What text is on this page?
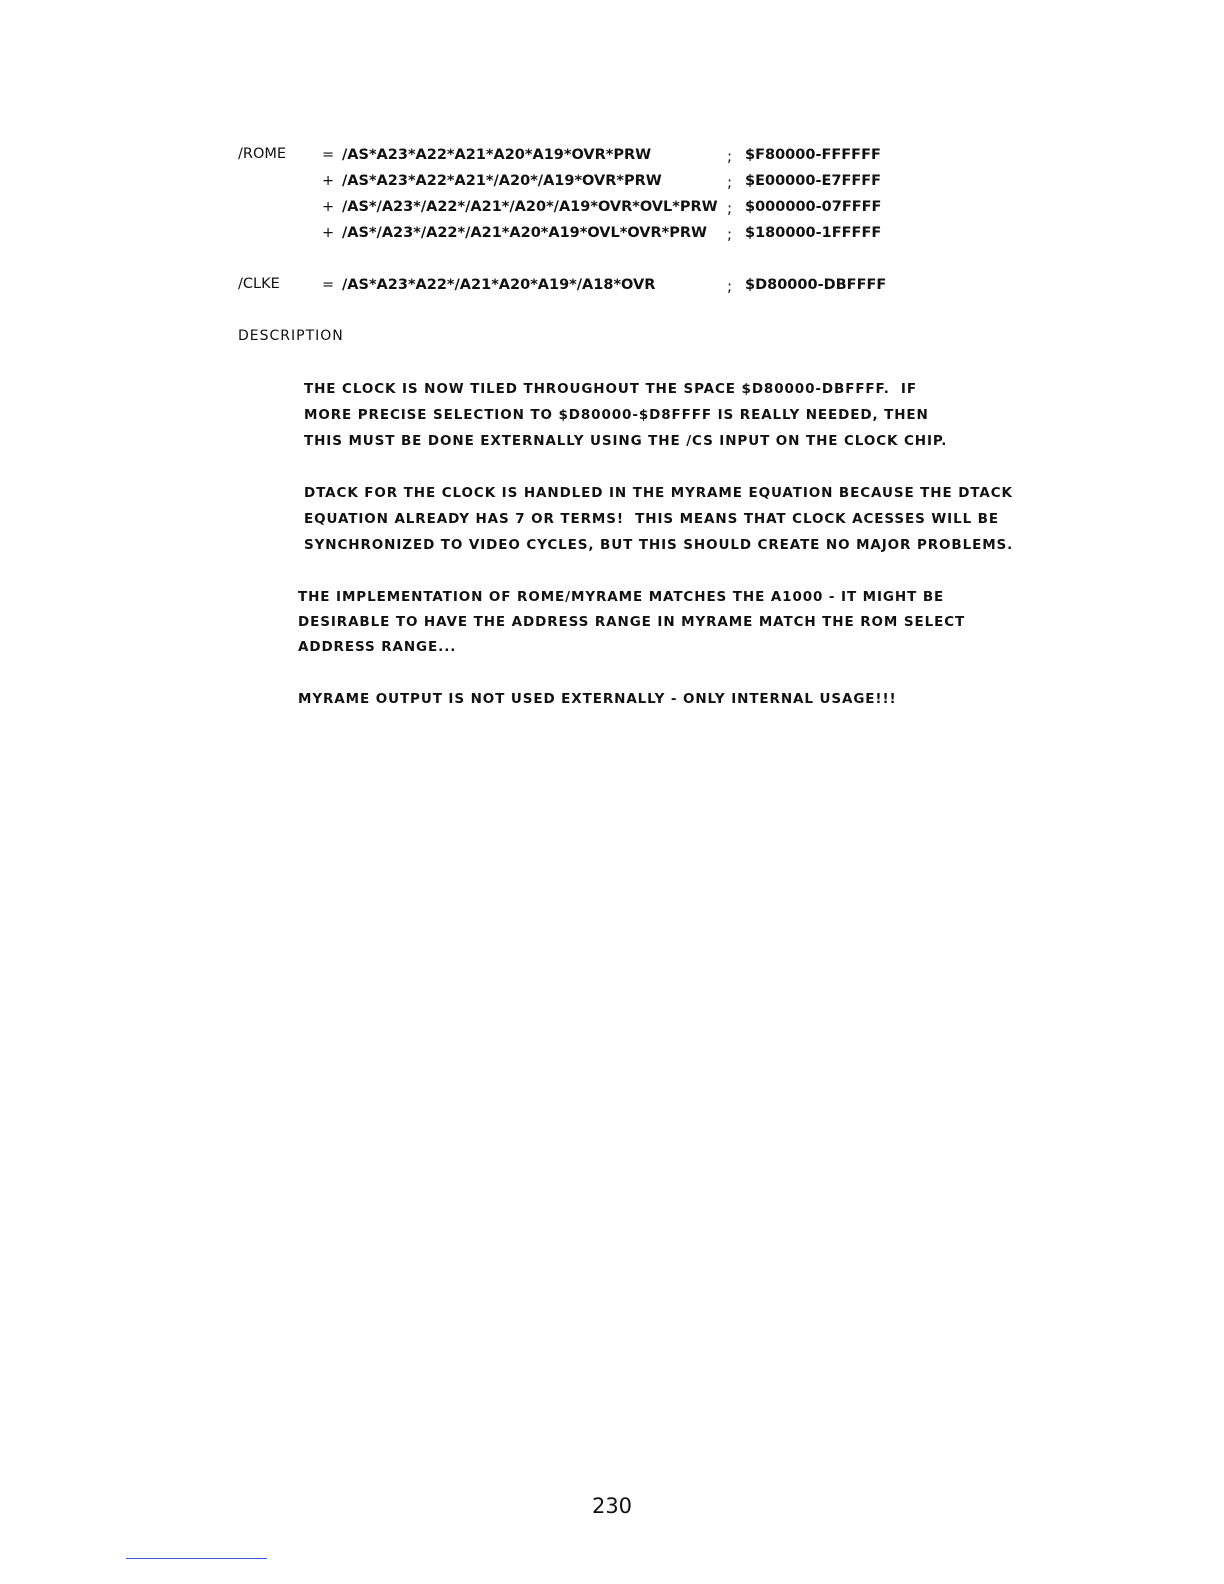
/ROME = /AS*A23*A22*A21*A20*A19*OVR*PRW	; $F80000-FFFFFF
+ /AS*A23*A22*A21*/A20*/A19*OVR*PRW	; $E00000-E7FFFF
+ /AS*/A23*/A22*/A21*/A20*/A19*OVR*OVL*PRW ; $000000-07FFFF
+ /AS*/A23*/A22*/A21*A20*A19*OVL*OVR*PRW ; $180000-1FFFFF
/CLKE	= /AS*A23*A22*/A21*A20*A19*/A18*OVR	; $D80000-DBFFFF
DESCRIPTION
THE CLOCK IS NOW TILED THROUGHOUT THE SPACE $D80000-DBFFFF.  IF
MORE PRECISE SELECTION TO $D80000-$D8FFFF IS REALLY NEEDED, THEN
THIS MUST BE DONE EXTERNALLY USING THE /CS INPUT ON THE CLOCK CHIP.
DTACK FOR THE CLOCK IS HANDLED IN THE MYRAME EQUATION BECAUSE THE DTACK
EQUATION ALREADY HAS 7 OR TERMS!  THIS MEANS THAT CLOCK ACESSES WILL BE
SYNCHRONIZED TO VIDEO CYCLES, BUT THIS SHOULD CREATE NO MAJOR PROBLEMS.
THE IMPLEMENTATION OF ROME/MYRAME MATCHES THE A1000 - IT MIGHT BE
DESIRABLE TO HAVE THE ADDRESS RANGE IN MYRAME MATCH THE ROM SELECT
ADDRESS RANGE...
MYRAME OUTPUT IS NOT USED EXTERNALLY - ONLY INTERNAL USAGE!!!
230
